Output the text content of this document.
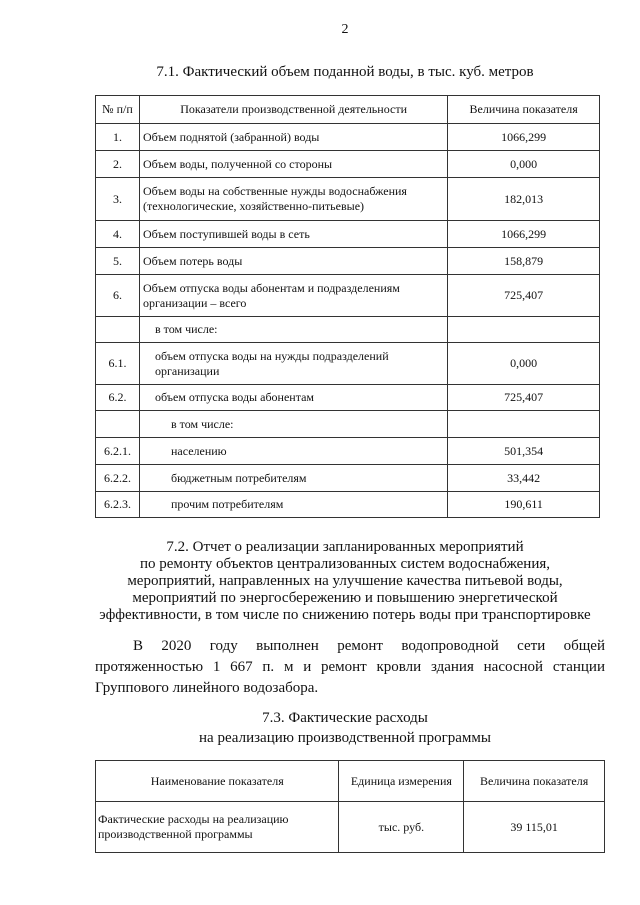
2
7.1. Фактический объем поданной воды, в тыс. куб. метров
№ п/п	Показатели производственной деятельности	Величина показателя
1.	Объем поднятой (забранной) воды	1066,299
2.	Объем воды, полученной со стороны	0,000
3.	Объем воды на собственные нужды водоснабжения (технологические, хозяйственно-питьевые)	182,013
4.	Объем поступившей воды в сеть	1066,299
5.	Объем потерь воды	158,879
6.	Объем отпуска воды абонентам и подразделениям организации – всего	725,407
	в том числе:	
6.1.	объем отпуска воды на нужды подразделений организации	0,000
6.2.	объем отпуска воды абонентам	725,407
	в том числе:	
6.2.1.	населению	501,354
6.2.2.	бюджетным потребителям	33,442
6.2.3.	прочим потребителям	190,611
7.2. Отчет о реализации запланированных мероприятий
по ремонту объектов централизованных систем водоснабжения,
мероприятий, направленных на улучшение качества питьевой воды,
мероприятий по энергосбережению и повышению энергетической
эффективности, в том числе по снижению потерь воды при транспортировке
В 2020 году выполнен ремонт водопроводной сети общей протяженностью 1 667 п. м и ремонт кровли здания насосной станции Группового линейного водозабора.
7.3. Фактические расходы
на реализацию производственной программы
Наименование показателя	Единица измерения	Величина показателя
Фактические расходы на реализацию производственной программы	тыс. руб.	39 115,01
